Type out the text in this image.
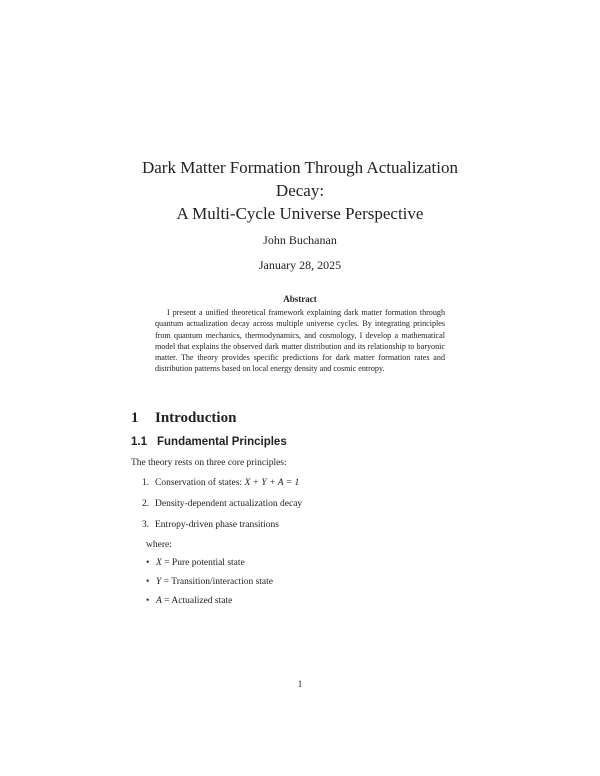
Dark Matter Formation Through Actualization
Decay:
A Multi-Cycle Universe Perspective
John Buchanan
January 28, 2025
Abstract
I present a unified theoretical framework explaining dark matter formation through quantum actualization decay across multiple universe cycles. By integrating principles from quantum mechanics, thermodynamics, and cosmology, I develop a mathematical model that explains the observed dark matter distribution and its relationship to baryonic matter. The theory provides specific predictions for dark matter formation rates and distribution patterns based on local energy density and cosmic entropy.
1 Introduction
1.1 Fundamental Principles
The theory rests on three core principles:
1. Conservation of states: X + Y + A = 1
2. Density-dependent actualization decay
3. Entropy-driven phase transitions
where:
• X = Pure potential state
• Y = Transition/interaction state
• A = Actualized state
1
